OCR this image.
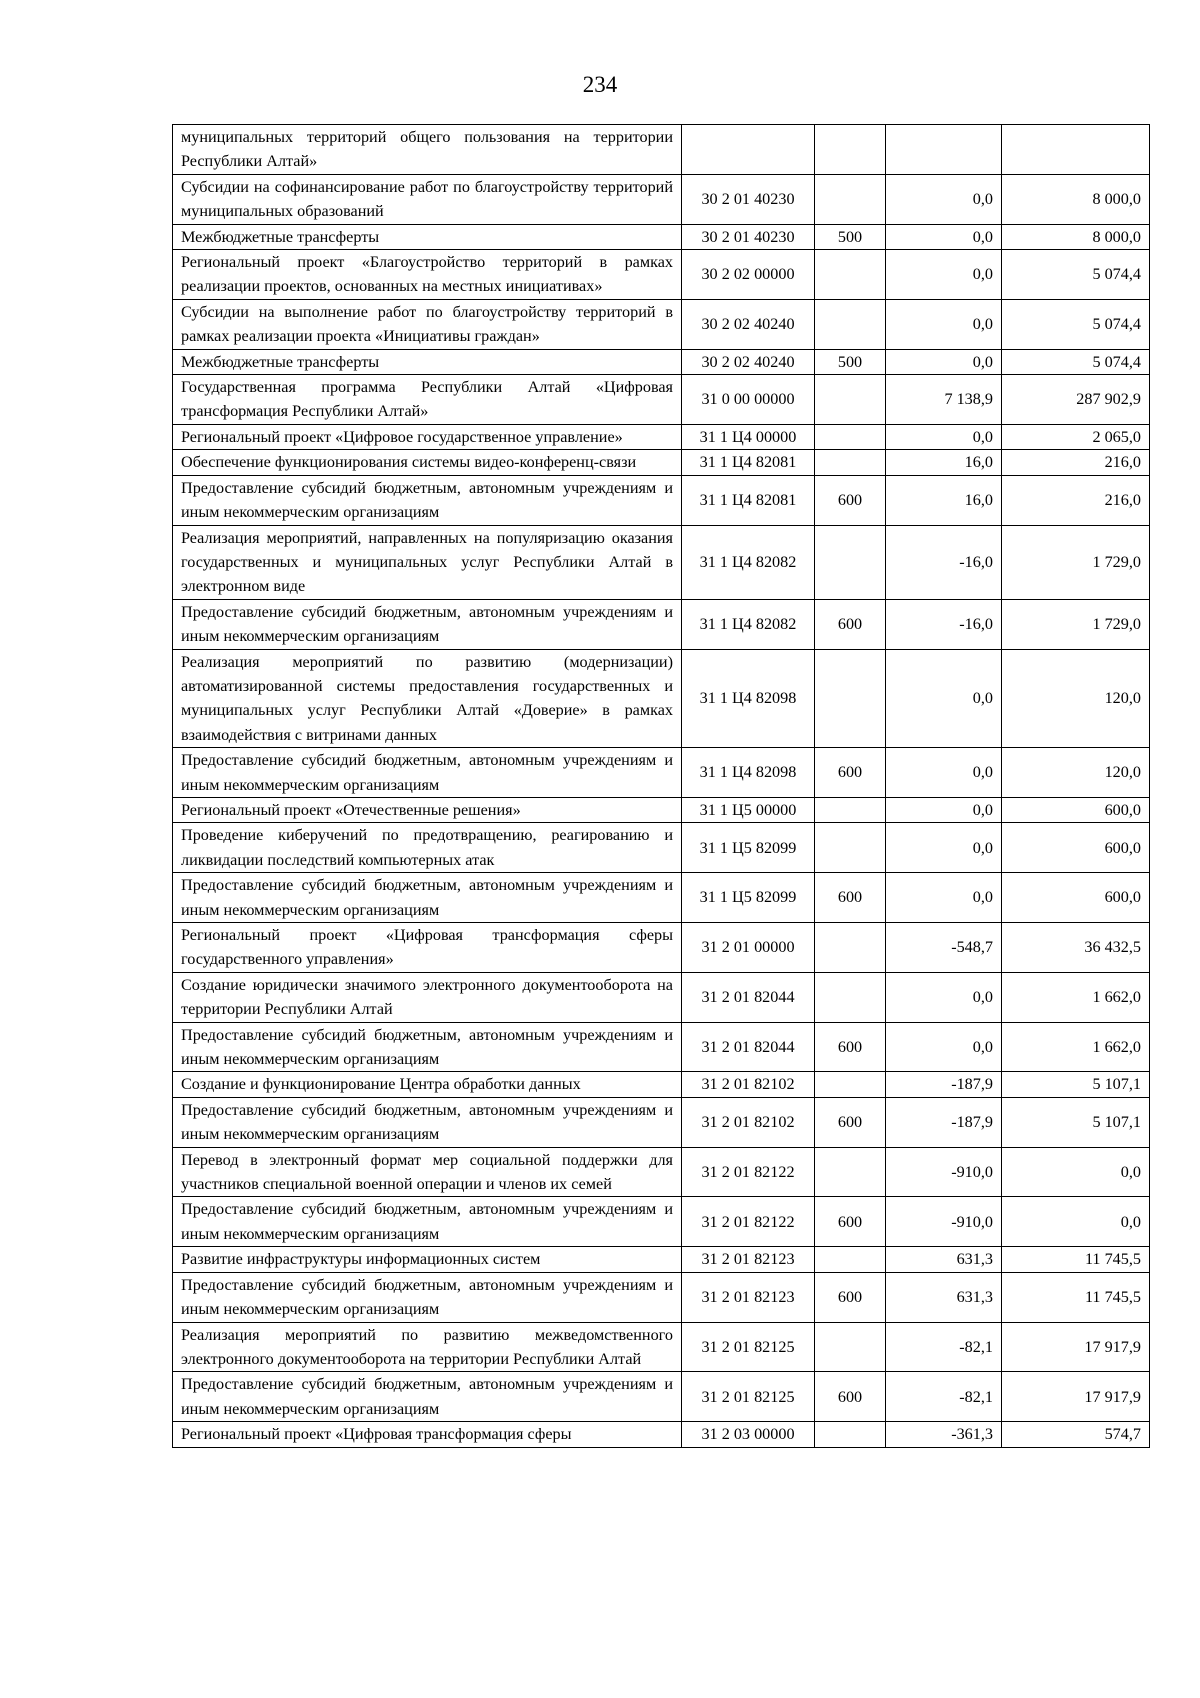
234
муниципальных территорий общего пользования на территории Республики Алтай»				
Субсидии на софинансирование работ по благоустройству территорий муниципальных образований	30 2 01 40230		0,0	8 000,0
Межбюджетные трансферты	30 2 01 40230	500	0,0	8 000,0
Региональный проект «Благоустройство территорий в рамках реализации проектов, основанных на местных инициативах»	30 2 02 00000		0,0	5 074,4
Субсидии на выполнение работ по благоустройству территорий в рамках реализации проекта «Инициативы граждан»	30 2 02 40240		0,0	5 074,4
Межбюджетные трансферты	30 2 02 40240	500	0,0	5 074,4
Государственная программа Республики Алтай «Цифровая трансформация Республики Алтай»	31 0 00 00000		7 138,9	287 902,9
Региональный проект «Цифровое государственное управление»	31 1 Ц4 00000		0,0	2 065,0
Обеспечение функционирования системы видео-конференц-связи	31 1 Ц4 82081		16,0	216,0
Предоставление субсидий бюджетным, автономным учреждениям и иным некоммерческим организациям	31 1 Ц4 82081	600	16,0	216,0
Реализация мероприятий, направленных на популяризацию оказания государственных и муниципальных услуг Республики Алтай в электронном виде	31 1 Ц4 82082		-16,0	1 729,0
Предоставление субсидий бюджетным, автономным учреждениям и иным некоммерческим организациям	31 1 Ц4 82082	600	-16,0	1 729,0
Реализация мероприятий по развитию (модернизации) автоматизированной системы предоставления государственных и муниципальных услуг Республики Алтай «Доверие» в рамках взаимодействия с витринами данных	31 1 Ц4 82098		0,0	120,0
Предоставление субсидий бюджетным, автономным учреждениям и иным некоммерческим организациям	31 1 Ц4 82098	600	0,0	120,0
Региональный проект «Отечественные решения»	31 1 Ц5 00000		0,0	600,0
Проведение киберучений по предотвращению, реагированию и ликвидации последствий компьютерных атак	31 1 Ц5 82099		0,0	600,0
Предоставление субсидий бюджетным, автономным учреждениям и иным некоммерческим организациям	31 1 Ц5 82099	600	0,0	600,0
Региональный проект «Цифровая трансформация сферы государственного управления»	31 2 01 00000		-548,7	36 432,5
Создание юридически значимого электронного документооборота на территории Республики Алтай	31 2 01 82044		0,0	1 662,0
Предоставление субсидий бюджетным, автономным учреждениям и иным некоммерческим организациям	31 2 01 82044	600	0,0	1 662,0
Создание и функционирование Центра обработки данных	31 2 01 82102		-187,9	5 107,1
Предоставление субсидий бюджетным, автономным учреждениям и иным некоммерческим организациям	31 2 01 82102	600	-187,9	5 107,1
Перевод в электронный формат мер социальной поддержки для участников специальной военной операции и членов их семей	31 2 01 82122		-910,0	0,0
Предоставление субсидий бюджетным, автономным учреждениям и иным некоммерческим организациям	31 2 01 82122	600	-910,0	0,0
Развитие инфраструктуры информационных систем	31 2 01 82123		631,3	11 745,5
Предоставление субсидий бюджетным, автономным учреждениям и иным некоммерческим организациям	31 2 01 82123	600	631,3	11 745,5
Реализация мероприятий по развитию межведомственного электронного документооборота на территории Республики Алтай	31 2 01 82125		-82,1	17 917,9
Предоставление субсидий бюджетным, автономным учреждениям и иным некоммерческим организациям	31 2 01 82125	600	-82,1	17 917,9
Региональный проект «Цифровая трансформация сферы	31 2 03 00000		-361,3	574,7
